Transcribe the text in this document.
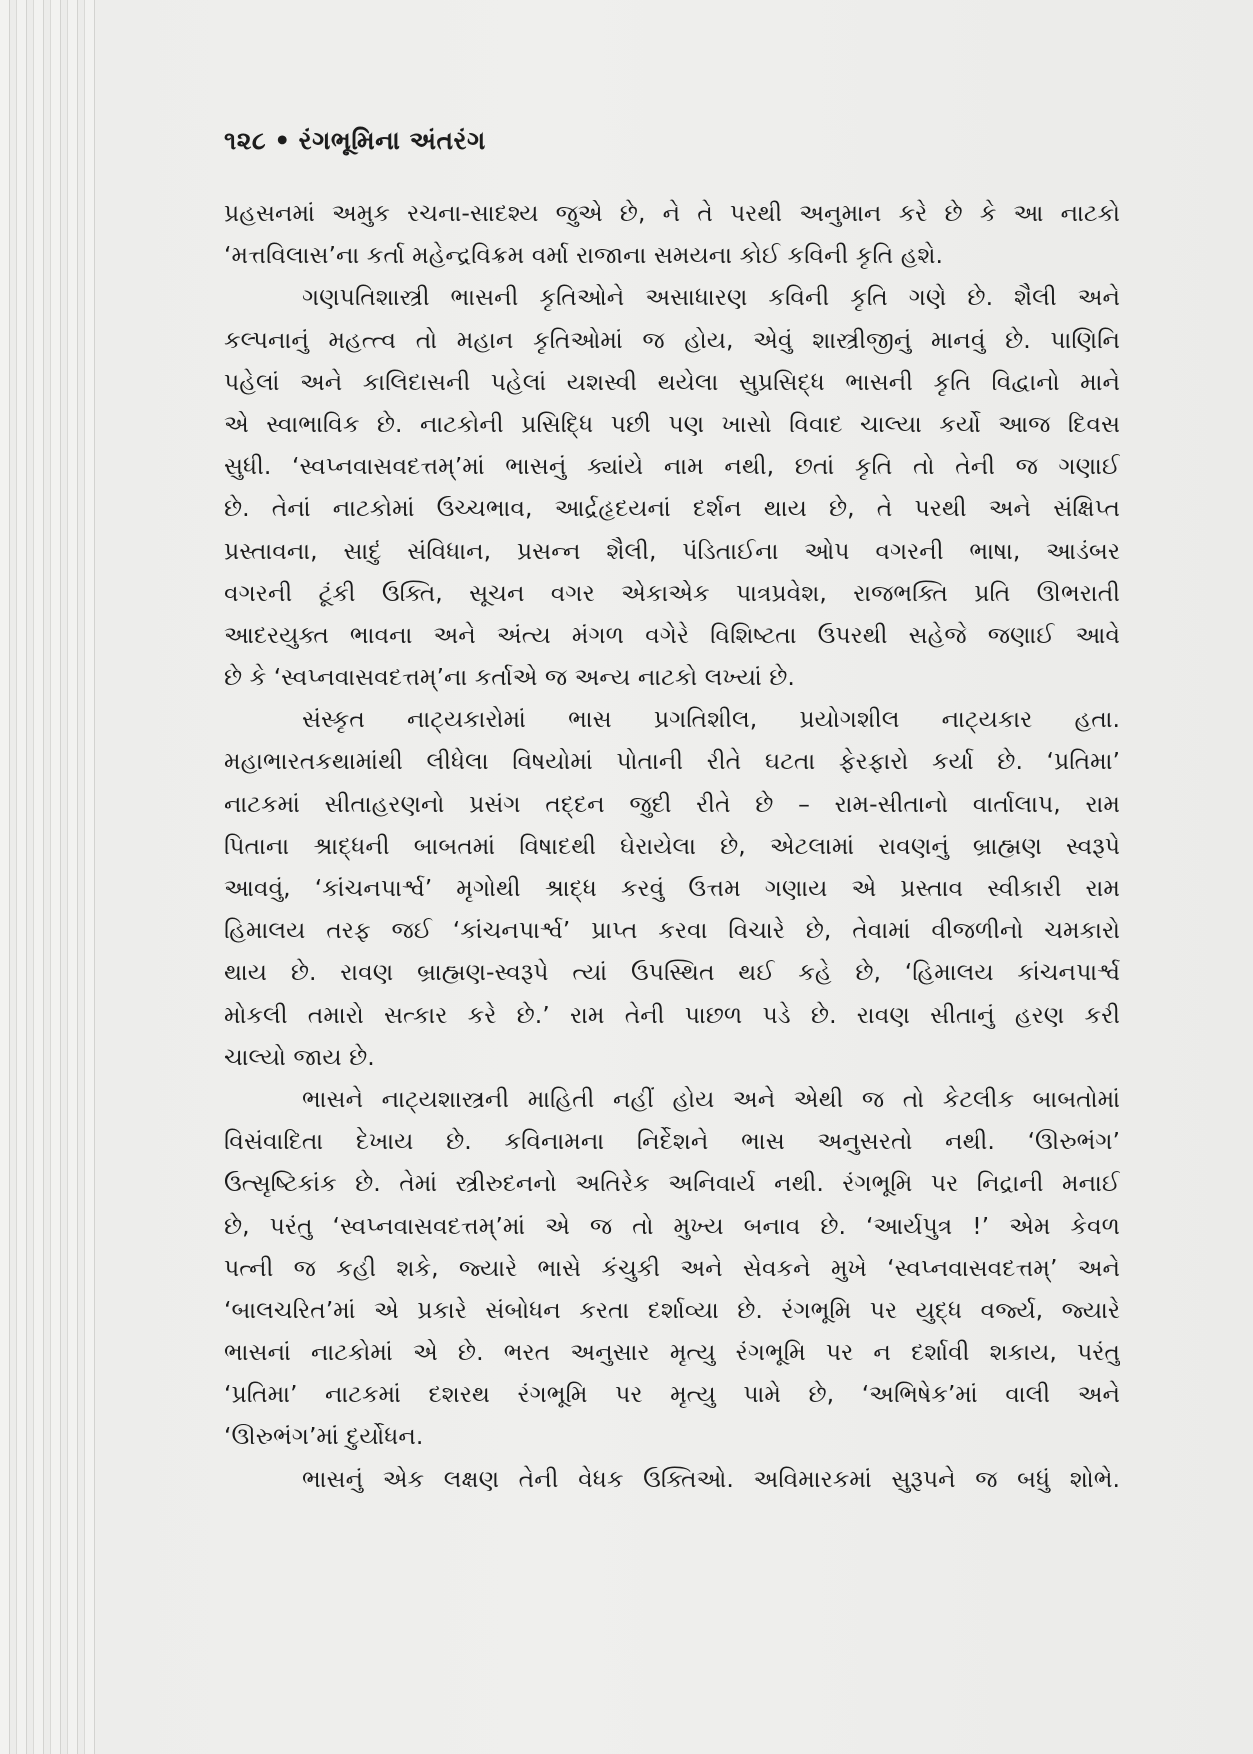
૧૨૮ • રંગભૂમિના અંતરંગ
પ્રહસનમાં અમુક રચના-સાદશ્ય જુએ છે, ને તે પરથી અનુમાન કરે છે કે આ નાટકો
‘મત્તવિલાસ’ના કર્તા મહેન્દ્રવિક્રમ વર્મા રાજાના સમયના કોઈ કવિની કૃતિ હશે.
ગણપતિશાસ્ત્રી ભાસની કૃતિઓને અસાધારણ કવિની કૃતિ ગણે છે. શૈલી અને
કલ્પનાનું મહત્ત્વ તો મહાન કૃતિઓમાં જ હોય, એવું શાસ્ત્રીજીનું માનવું છે. પાણિનિ
પહેલાં અને કાલિદાસની પહેલાં યશસ્વી થયેલા સુપ્રસિદ્ધ ભાસની કૃતિ વિદ્વાનો માને
એ સ્વાભાવિક છે. નાટકોની પ્રસિદ્ધિ પછી પણ ખાસો વિવાદ ચાલ્યા કર્યો આજ દિવસ
સુધી. ‘સ્વપ્નવાસવદત્તમ્’માં ભાસનું ક્યાંયે નામ નથી, છતાં કૃતિ તો તેની જ ગણાઈ
છે. તેનાં નાટકોમાં ઉચ્ચભાવ, આર્દ્રહૃદયનાં દર્શન થાય છે, તે પરથી અને સંક્ષિપ્ત
પ્રસ્તાવના, સાદું સંવિધાન, પ્રસન્ન શૈલી, પંડિતાઈના ઓપ વગરની ભાષા, આડંબર
વગરની ટૂંકી ઉક્તિ, સૂચન વગર એકાએક પાત્રપ્રવેશ, રાજભક્તિ પ્રતિ ઊભરાતી
આદરયુક્ત ભાવના અને અંત્ય મંગળ વગેરે વિશિષ્ટતા ઉપરથી સહેજે જણાઈ આવે
છે કે ‘સ્વપ્નવાસવદત્તમ્’ના કર્તાએ જ અન્ય નાટકો લખ્યાં છે.
સંસ્કૃત નાટ્યકારોમાં ભાસ પ્રગતિશીલ, પ્રયોગશીલ નાટ્યકાર હતા.
મહાભારતકથામાંથી લીધેલા વિષયોમાં પોતાની રીતે ઘટતા ફેરફારો કર્યા છે. ‘પ્રતિમા’
નાટકમાં સીતાહરણનો પ્રસંગ તદ્દન જુદી રીતે છે – રામ-સીતાનો વાર્તાલાપ, રામ
પિતાના શ્રાદ્ધની બાબતમાં વિષાદથી ઘેરાયેલા છે, એટલામાં રાવણનું બ્રાહ્મણ સ્વરૂપે
આવવું, ‘કાંચનપાર્શ્વ’ મૃગોથી શ્રાદ્ધ કરવું ઉત્તમ ગણાય એ પ્રસ્તાવ સ્વીકારી રામ
હિમાલય તરફ જઈ ‘કાંચનપાર્શ્વ’ પ્રાપ્ત કરવા વિચારે છે, તેવામાં વીજળીનો ચમકારો
થાય છે. રાવણ બ્રાહ્મણ-સ્વરૂપે ત્યાં ઉપસ્થિત થઈ કહે છે, ‘હિમાલય કાંચનપાર્શ્વ
મોકલી તમારો સત્કાર કરે છે.’ રામ તેની પાછળ પડે છે. રાવણ સીતાનું હરણ કરી
ચાલ્યો જાય છે.
ભાસને નાટ્યશાસ્ત્રની માહિતી નહીં હોય અને એથી જ તો કેટલીક બાબતોમાં
વિસંવાદિતા દેખાય છે. કવિનામના નિર્દેશને ભાસ અનુસરતો નથી. ‘ઊરુભંગ’
ઉત્સૃષ્ટિકાંક છે. તેમાં સ્ત્રીરુદનનો અતિરેક અનિવાર્ય નથી. રંગભૂમિ પર નિદ્રાની મનાઈ
છે, પરંતુ ‘સ્વપ્નવાસવદત્તમ્’માં એ જ તો મુખ્ય બનાવ છે. ‘આર્યપુત્ર !’ એમ કેવળ
પત્ની જ કહી શકે, જ્યારે ભાસે કંચુકી અને સેવકને મુખે ‘સ્વપ્નવાસવદત્તમ્’ અને
‘બાલચરિત’માં એ પ્રકારે સંબોધન કરતા દર્શાવ્યા છે. રંગભૂમિ પર યુદ્ધ વર્જ્ય, જ્યારે
ભાસનાં નાટકોમાં એ છે. ભરત અનુસાર મૃત્યુ રંગભૂમિ પર ન દર્શાવી શકાય, પરંતુ
‘પ્રતિમા’ નાટકમાં દશરથ રંગભૂમિ પર મૃત્યુ પામે છે, ‘અભિષેક’માં વાલી અને
‘ઊરુભંગ’માં દુર્યોધન.
ભાસનું એક લક્ષણ તેની વેધક ઉક્તિઓ. અવિમારકમાં સુરૂપને જ બધું શોભે.
